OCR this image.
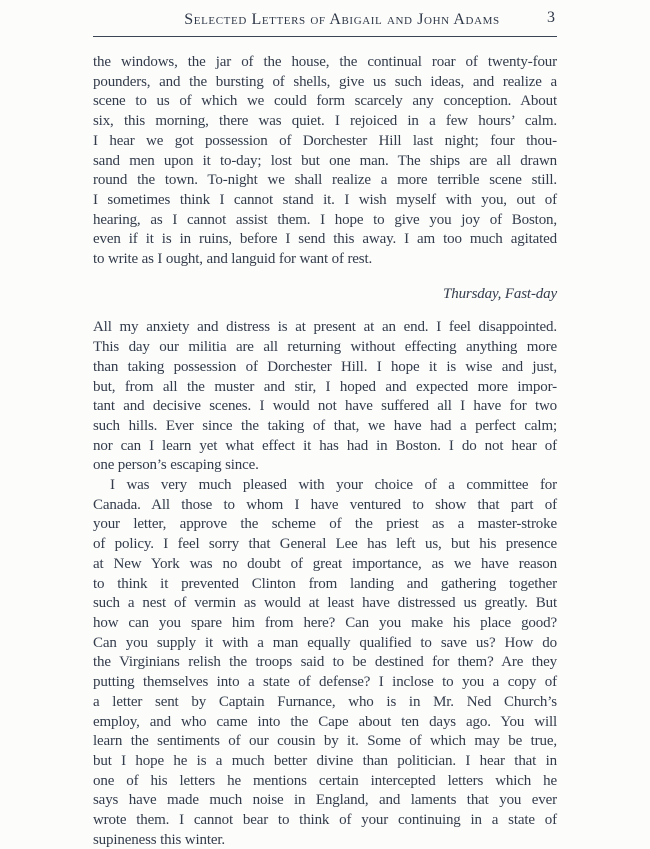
Selected Letters of Abigail and John Adams	3
the windows, the jar of the house, the continual roar of twenty-four
pounders, and the bursting of shells, give us such ideas, and realize a
scene to us of which we could form scarcely any conception. About
six, this morning, there was quiet. I rejoiced in a few hours’ calm.
I hear we got possession of Dorchester Hill last night; four thou-
sand men upon it to-day; lost but one man. The ships are all drawn
round the town. To-night we shall realize a more terrible scene still.
I sometimes think I cannot stand it. I wish myself with you, out of
hearing, as I cannot assist them. I hope to give you joy of Boston,
even if it is in ruins, before I send this away. I am too much agitated
to write as I ought, and languid for want of rest.
Thursday, Fast-day
All my anxiety and distress is at present at an end. I feel disappointed.
This day our militia are all returning without effecting anything more
than taking possession of Dorchester Hill. I hope it is wise and just,
but, from all the muster and stir, I hoped and expected more impor-
tant and decisive scenes. I would not have suffered all I have for two
such hills. Ever since the taking of that, we have had a perfect calm;
nor can I learn yet what effect it has had in Boston. I do not hear of
one person’s escaping since.
I was very much pleased with your choice of a committee for
Canada. All those to whom I have ventured to show that part of
your letter, approve the scheme of the priest as a master-stroke
of policy. I feel sorry that General Lee has left us, but his presence
at New York was no doubt of great importance, as we have reason
to think it prevented Clinton from landing and gathering together
such a nest of vermin as would at least have distressed us greatly. But
how can you spare him from here? Can you make his place good?
Can you supply it with a man equally qualified to save us? How do
the Virginians relish the troops said to be destined for them? Are they
putting themselves into a state of defense? I inclose to you a copy of
a letter sent by Captain Furnance, who is in Mr. Ned Church’s
employ, and who came into the Cape about ten days ago. You will
learn the sentiments of our cousin by it. Some of which may be true,
but I hope he is a much better divine than politician. I hear that in
one of his letters he mentions certain intercepted letters which he
says have made much noise in England, and laments that you ever
wrote them. I cannot bear to think of your continuing in a state of
supineness this winter.
